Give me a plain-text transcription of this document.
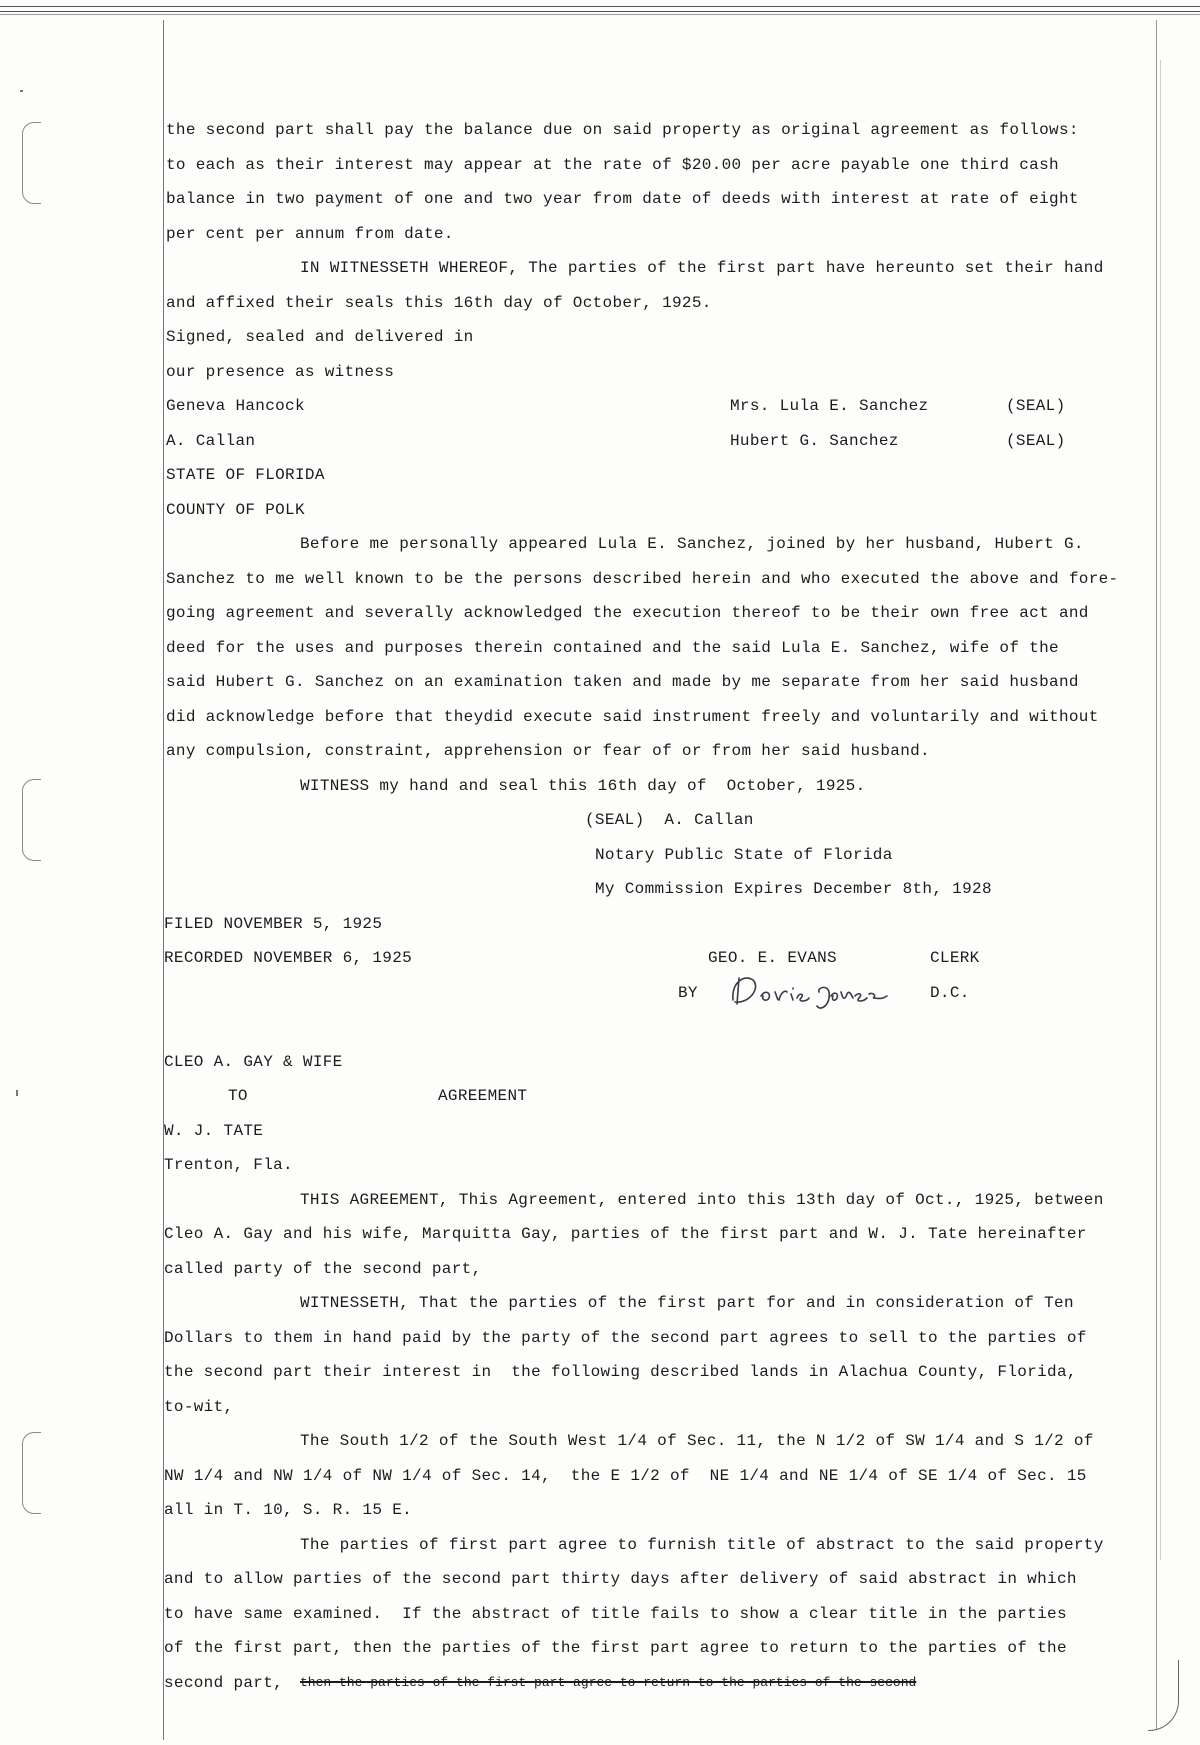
the second part shall pay the balance due on said property as original agreement as follows:
to each as their interest may appear at the rate of $20.00 per acre payable one third cash
balance in two payment of one and two year from date of deeds with interest at rate of eight
per cent per annum from date.
IN WITNESSETH WHEREOF, The parties of the first part have hereunto set their hand
and affixed their seals this 16th day of October, 1925.
Signed, sealed and delivered in
our presence as witness
Geneva Hancock	Mrs. Lula E. Sanchez	(SEAL)
A. Callan	Hubert G. Sanchez	(SEAL)
STATE OF FLORIDA
COUNTY OF POLK
Before me personally appeared Lula E. Sanchez, joined by her husband, Hubert G.
Sanchez to me well known to be the persons described herein and who executed the above and fore-
going agreement and severally acknowledged the execution thereof to be their own free act and
deed for the uses and purposes therein contained and the said Lula E. Sanchez, wife of the
said Hubert G. Sanchez on an examination taken and made by me separate from her said husband
did acknowledge before that theydid execute said instrument freely and voluntarily and without
any compulsion, constraint, apprehension or fear of or from her said husband.
WITNESS my hand and seal this 16th day of  October, 1925.
(SEAL)  A. Callan
Notary Public State of Florida
My Commission Expires December 8th, 1928
FILED NOVEMBER 5, 1925
RECORDED NOVEMBER 6, 1925	GEO. E. EVANS	CLERK
BY	D.C.
CLEO A. GAY & WIFE
TO	AGREEMENT
W. J. TATE
Trenton, Fla.
THIS AGREEMENT, This Agreement, entered into this 13th day of Oct., 1925, between
Cleo A. Gay and his wife, Marquitta Gay, parties of the first part and W. J. Tate hereinafter
called party of the second part,
WITNESSETH, That the parties of the first part for and in consideration of Ten
Dollars to them in hand paid by the party of the second part agrees to sell to the parties of
the second part their interest in  the following described lands in Alachua County, Florida,
to-wit,
The South 1/2 of the South West 1/4 of Sec. 11, the N 1/2 of SW 1/4 and S 1/2 of
NW 1/4 and NW 1/4 of NW 1/4 of Sec. 14,  the E 1/2 of  NE 1/4 and NE 1/4 of SE 1/4 of Sec. 15
all in T. 10, S. R. 15 E.
The parties of first part agree to furnish title of abstract to the said property
and to allow parties of the second part thirty days after delivery of said abstract in which
to have same examined.  If the abstract of title fails to show a clear title in the parties
of the first part, then the parties of the first part agree to return to the parties of the
second part, then the parties of the first part agree to return to the parties of the second
